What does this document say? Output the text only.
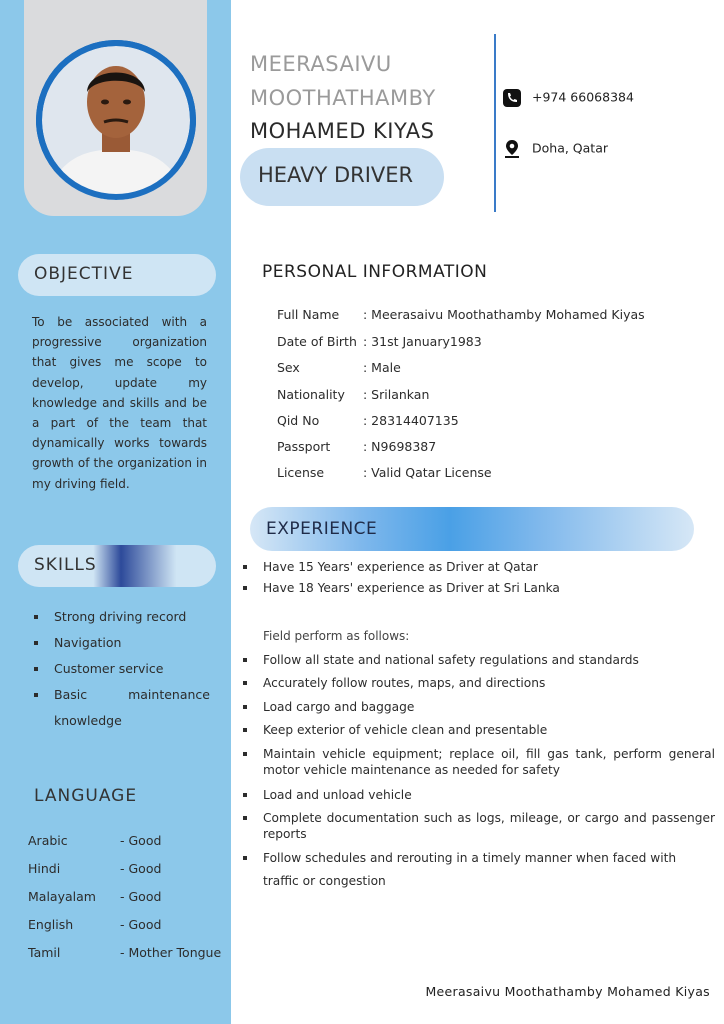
OBJECTIVE
To be associated with a progressive organization that gives me scope to develop, update my knowledge and skills and be a part of the team that dynamically works towards growth of the organization in my driving field.
SKILLS
Strong driving record
Navigation
Customer service
Basic maintenance knowledge
LANGUAGE
Arabic	- Good
Hindi	- Good
Malayalam - Good
English	- Good
Tamil	- Mother Tongue
MEERASAIVU
MOOTHATHAMBY
MOHAMED KIYAS
HEAVY DRIVER
+974 66068384
Doha, Qatar
PERSONAL INFORMATION
Full Name : Meerasaivu Moothathamby Mohamed Kiyas
Date of Birth : 31st January1983
Sex	: Male
Nationality : Srilankan
Qid No	: 28314407135
Passport	: N9698387
License	: Valid Qatar License
EXPERIENCE
Have 15 Years' experience as Driver at Qatar
Have 18 Years' experience as Driver at Sri Lanka
Field perform as follows:
Follow all state and national safety regulations and standards
Accurately follow routes, maps, and directions
Load cargo and baggage
Keep exterior of vehicle clean and presentable
Maintain vehicle equipment; replace oil, fill gas tank, perform general motor vehicle maintenance as needed for safety
Load and unload vehicle
Complete documentation such as logs, mileage, or cargo and passenger reports
Follow schedules and rerouting in a timely manner when faced with traffic or congestion
Meerasaivu Moothathamby Mohamed Kiyas
